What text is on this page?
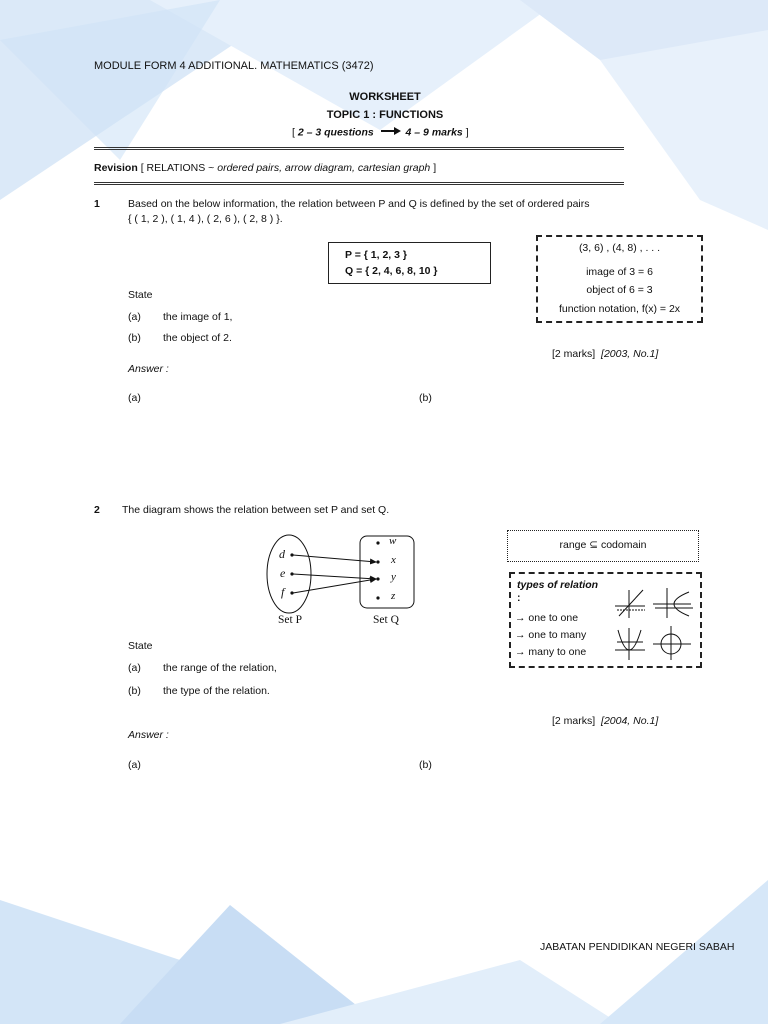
MODULE FORM 4 ADDITIONAL. MATHEMATICS (3472)
WORKSHEET
TOPIC 1 : FUNCTIONS
[ 2 – 3 questions	4 – 9 marks ]
Revision [ RELATIONS ~ ordered pairs, arrow diagram, cartesian graph ]
1	Based on the below information, the relation between P and Q is defined by the set of ordered pairs
{ ( 1, 2 ), ( 1, 4 ), ( 2, 6 ), ( 2, 8 ) }.
P = { 1, 2, 3 }
Q = { 2, 4, 6, 8, 10 }
(3, 6) , (4, 8) , . . .
image of 3 = 6
object of 6 = 3
function notation, f(x) = 2x
State
(a) the image of 1,
(b) the object of 2.
[2 marks] [2003, No.1]
Answer :
(a)	(b)
2 The diagram shows the relation between set P and set Q.
d
e
f
w
x
y
z
Set P	Set Q
range ⊆ codomain
types of relation
:
→ one to one
→ one to many
→ many to one
State
(a) the range of the relation,
(b) the type of the relation.
[2 marks] [2004, No.1]
Answer :
(a)	(b)
JABATAN PENDIDIKAN NEGERI SABAH
